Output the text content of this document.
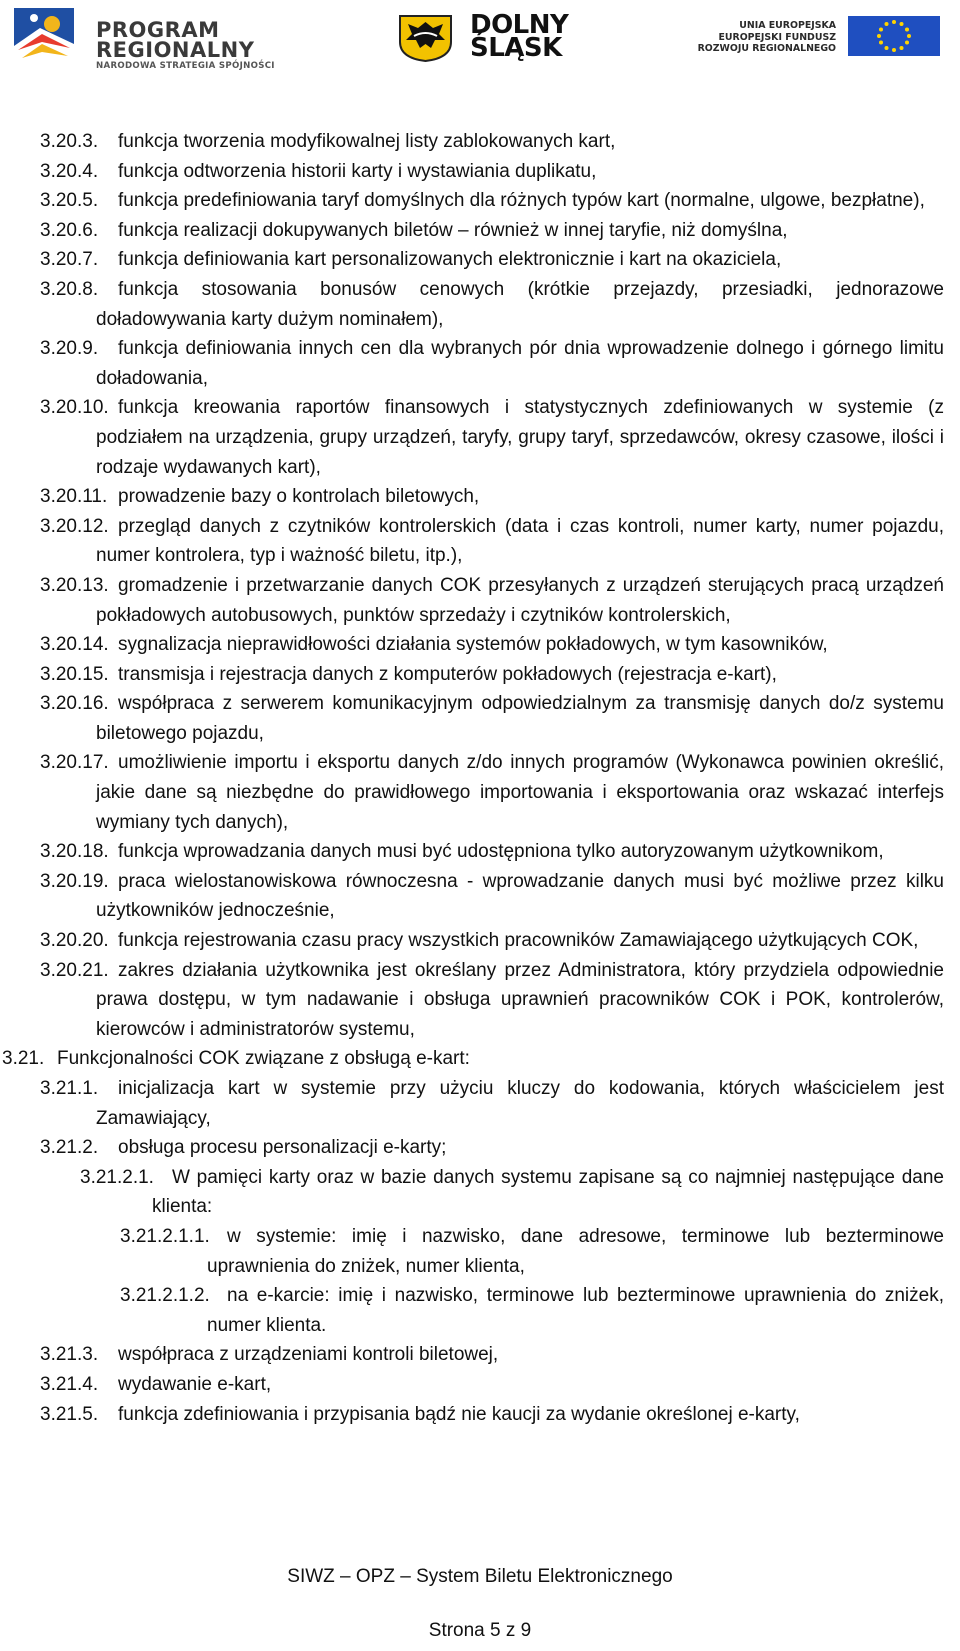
PROGRAM
REGIONALNY
NARODOWA STRATEGIA SPÓJNOŚCI
DOLNY
ŚLĄSK
UNIA EUROPEJSKA
EUROPEJSKI FUNDUSZ
ROZWOJU REGIONALNEGO
3.20.3.	funkcja tworzenia modyfikowalnej listy zablokowanych kart,
3.20.4.	funkcja odtworzenia historii karty i wystawiania duplikatu,
3.20.5.	funkcja predefiniowania taryf domyślnych dla różnych typów kart (normalne, ulgowe, bezpłatne),
3.20.6.	funkcja realizacji dokupywanych biletów – również w innej taryfie, niż domyślna,
3.20.7.	funkcja definiowania kart personalizowanych elektronicznie i kart na okaziciela,
3.20.8.	funkcja stosowania bonusów cenowych (krótkie przejazdy, przesiadki, jednorazowe doładowywania karty dużym nominałem),
3.20.9.	funkcja definiowania innych cen dla wybranych pór dnia wprowadzenie dolnego i górnego limitu doładowania,
3.20.10. funkcja kreowania raportów finansowych i statystycznych zdefiniowanych w systemie (z podziałem na urządzenia, grupy urządzeń, taryfy, grupy taryf, sprzedawców, okresy czasowe, ilości i rodzaje wydawanych kart),
3.20.11. prowadzenie bazy o kontrolach biletowych,
3.20.12. przegląd danych z czytników kontrolerskich (data i czas kontroli, numer karty, numer pojazdu, numer kontrolera, typ i ważność biletu, itp.),
3.20.13. gromadzenie i przetwarzanie danych COK przesyłanych z urządzeń sterujących pracą urządzeń pokładowych autobusowych, punktów sprzedaży i czytników kontrolerskich,
3.20.14. sygnalizacja nieprawidłowości działania systemów pokładowych, w tym kasowników,
3.20.15. transmisja i rejestracja danych z komputerów pokładowych (rejestracja e-kart),
3.20.16. współpraca z serwerem komunikacyjnym odpowiedzialnym za transmisję danych do/z systemu biletowego pojazdu,
3.20.17. umożliwienie importu i eksportu danych z/do innych programów (Wykonawca powinien określić, jakie dane są niezbędne do prawidłowego importowania i eksportowania oraz wskazać interfejs wymiany tych danych),
3.20.18. funkcja wprowadzania danych musi być udostępniona tylko autoryzowanym użytkownikom,
3.20.19. praca wielostanowiskowa równoczesna - wprowadzanie danych musi być możliwe przez kilku użytkowników jednocześnie,
3.20.20. funkcja rejestrowania czasu pracy wszystkich pracowników Zamawiającego użytkujących COK,
3.20.21. zakres działania użytkownika jest określany przez Administratora, który przydziela odpowiednie prawa dostępu, w tym nadawanie i obsługa uprawnień pracowników COK i POK, kontrolerów, kierowców i administratorów systemu,
3.21. Funkcjonalności COK związane z obsługą e-kart:
3.21.1.	inicjalizacja kart w systemie przy użyciu kluczy do kodowania, których właścicielem jest Zamawiający,
3.21.2.	obsługa procesu personalizacji e-karty;
3.21.2.1. W pamięci karty oraz w bazie danych systemu zapisane są co najmniej następujące dane klienta:
3.21.2.1.1. w systemie: imię i nazwisko, dane adresowe, terminowe lub bezterminowe uprawnienia do zniżek, numer klienta,
3.21.2.1.2. na e-karcie: imię i nazwisko, terminowe lub bezterminowe uprawnienia do zniżek, numer klienta.
3.21.3.	współpraca z urządzeniami kontroli biletowej,
3.21.4.	wydawanie e-kart,
3.21.5.	funkcja zdefiniowania i przypisania bądź nie kaucji za wydanie określonej e-karty,
SIWZ – OPZ – System Biletu Elektronicznego
Strona 5 z 9
